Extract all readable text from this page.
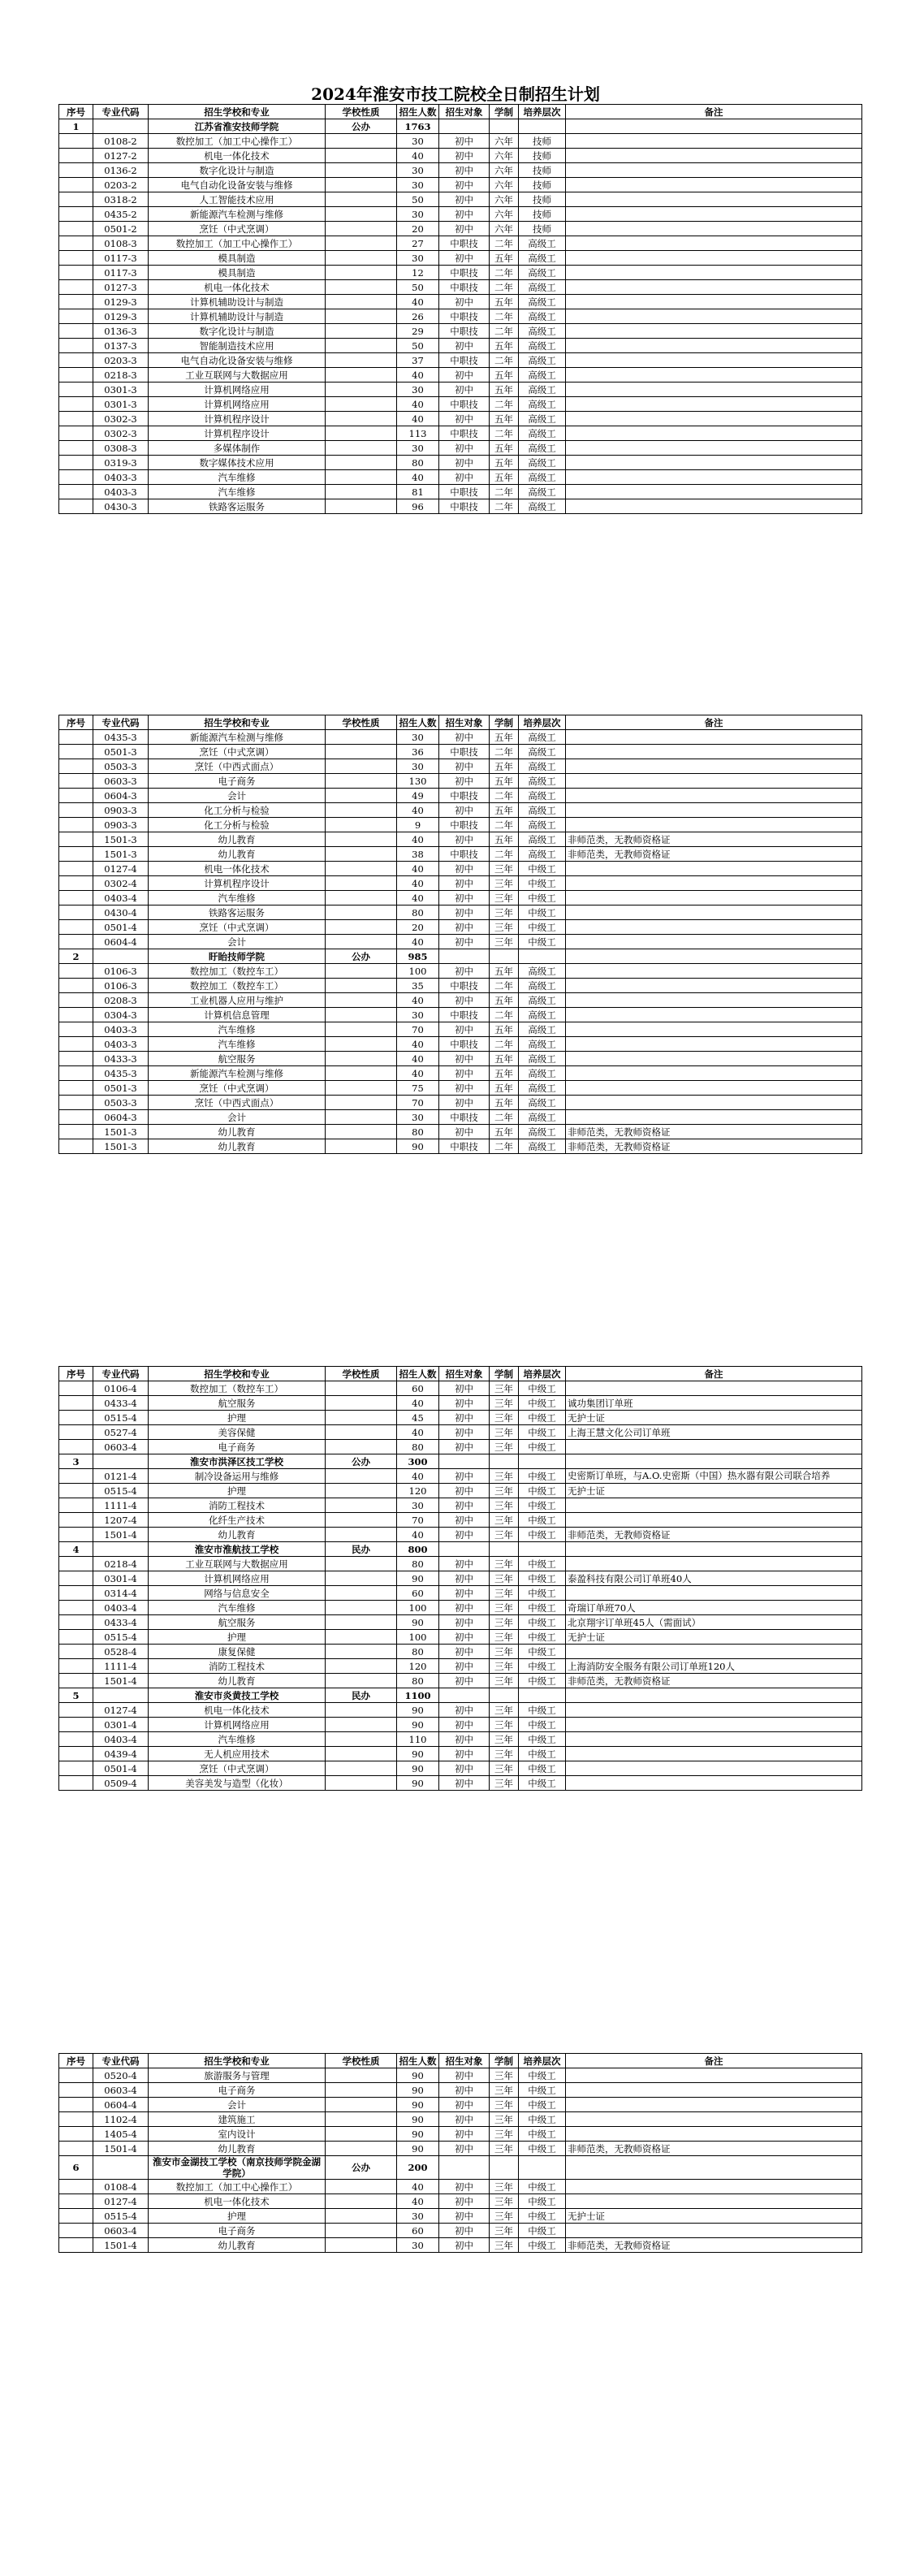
2024年淮安市技工院校全日制招生计划
序号	专业代码	招生学校和专业	学校性质	招生人数	招生对象	学制	培养层次	备注
1		江苏省淮安技师学院	公办	1763				
	0108-2	数控加工（加工中心操作工）		30	初中	六年	技师	
	0127-2	机电一体化技术		40	初中	六年	技师	
	0136-2	数字化设计与制造		30	初中	六年	技师	
	0203-2	电气自动化设备安装与维修		30	初中	六年	技师	
	0318-2	人工智能技术应用		50	初中	六年	技师	
	0435-2	新能源汽车检测与维修		30	初中	六年	技师	
	0501-2	烹饪（中式烹调）		20	初中	六年	技师	
	0108-3	数控加工（加工中心操作工）		27	中职技	二年	高级工	
	0117-3	模具制造		30	初中	五年	高级工	
	0117-3	模具制造		12	中职技	二年	高级工	
	0127-3	机电一体化技术		50	中职技	二年	高级工	
	0129-3	计算机辅助设计与制造		40	初中	五年	高级工	
	0129-3	计算机辅助设计与制造		26	中职技	二年	高级工	
	0136-3	数字化设计与制造		29	中职技	二年	高级工	
	0137-3	智能制造技术应用		50	初中	五年	高级工	
	0203-3	电气自动化设备安装与维修		37	中职技	二年	高级工	
	0218-3	工业互联网与大数据应用		40	初中	五年	高级工	
	0301-3	计算机网络应用		30	初中	五年	高级工	
	0301-3	计算机网络应用		40	中职技	二年	高级工	
	0302-3	计算机程序设计		40	初中	五年	高级工	
	0302-3	计算机程序设计		113	中职技	二年	高级工	
	0308-3	多媒体制作		30	初中	五年	高级工	
	0319-3	数字媒体技术应用		80	初中	五年	高级工	
	0403-3	汽车维修		40	初中	五年	高级工	
	0403-3	汽车维修		81	中职技	二年	高级工	
	0430-3	铁路客运服务		96	中职技	二年	高级工	
序号	专业代码	招生学校和专业	学校性质	招生人数	招生对象	学制	培养层次	备注
	0435-3	新能源汽车检测与维修		30	初中	五年	高级工	
	0501-3	烹饪（中式烹调）		36	中职技	二年	高级工	
	0503-3	烹饪（中西式面点）		30	初中	五年	高级工	
	0603-3	电子商务		130	初中	五年	高级工	
	0604-3	会计		49	中职技	二年	高级工	
	0903-3	化工分析与检验		40	初中	五年	高级工	
	0903-3	化工分析与检验		9	中职技	二年	高级工	
	1501-3	幼儿教育		40	初中	五年	高级工	非师范类，无教师资格证
	1501-3	幼儿教育		38	中职技	二年	高级工	非师范类，无教师资格证
	0127-4	机电一体化技术		40	初中	三年	中级工	
	0302-4	计算机程序设计		40	初中	三年	中级工	
	0403-4	汽车维修		40	初中	三年	中级工	
	0430-4	铁路客运服务		80	初中	三年	中级工	
	0501-4	烹饪（中式烹调）		20	初中	三年	中级工	
	0604-4	会计		40	初中	三年	中级工	
2		盱眙技师学院	公办	985				
	0106-3	数控加工（数控车工）		100	初中	五年	高级工	
	0106-3	数控加工（数控车工）		35	中职技	二年	高级工	
	0208-3	工业机器人应用与维护		40	初中	五年	高级工	
	0304-3	计算机信息管理		30	中职技	二年	高级工	
	0403-3	汽车维修		70	初中	五年	高级工	
	0403-3	汽车维修		40	中职技	二年	高级工	
	0433-3	航空服务		40	初中	五年	高级工	
	0435-3	新能源汽车检测与维修		40	初中	五年	高级工	
	0501-3	烹饪（中式烹调）		75	初中	五年	高级工	
	0503-3	烹饪（中西式面点）		70	初中	五年	高级工	
	0604-3	会计		30	中职技	二年	高级工	
	1501-3	幼儿教育		80	初中	五年	高级工	非师范类，无教师资格证
	1501-3	幼儿教育		90	中职技	二年	高级工	非师范类，无教师资格证
序号	专业代码	招生学校和专业	学校性质	招生人数	招生对象	学制	培养层次	备注
	0106-4	数控加工（数控车工）		60	初中	三年	中级工	
	0433-4	航空服务		40	初中	三年	中级工	诚功集团订单班
	0515-4	护理		45	初中	三年	中级工	无护士证
	0527-4	美容保健		40	初中	三年	中级工	上海王慧文化公司订单班
	0603-4	电子商务		80	初中	三年	中级工	
3		淮安市洪泽区技工学校	公办	300				
	0121-4	制冷设备运用与维修		40	初中	三年	中级工	史密斯订单班，与A.O.史密斯（中国）热水器有限公司联合培养
	0515-4	护理		120	初中	三年	中级工	无护士证
	1111-4	消防工程技术		30	初中	三年	中级工	
	1207-4	化纤生产技术		70	初中	三年	中级工	
	1501-4	幼儿教育		40	初中	三年	中级工	非师范类，无教师资格证
4		淮安市淮航技工学校	民办	800				
	0218-4	工业互联网与大数据应用		80	初中	三年	中级工	
	0301-4	计算机网络应用		90	初中	三年	中级工	泰盈科技有限公司订单班40人
	0314-4	网络与信息安全		60	初中	三年	中级工	
	0403-4	汽车维修		100	初中	三年	中级工	奇瑞订单班70人
	0433-4	航空服务		90	初中	三年	中级工	北京翔宇订单班45人（需面试）
	0515-4	护理		100	初中	三年	中级工	无护士证
	0528-4	康复保健		80	初中	三年	中级工	
	1111-4	消防工程技术		120	初中	三年	中级工	上海消防安全服务有限公司订单班120人
	1501-4	幼儿教育		80	初中	三年	中级工	非师范类，无教师资格证
5		淮安市炎黄技工学校	民办	1100				
	0127-4	机电一体化技术		90	初中	三年	中级工	
	0301-4	计算机网络应用		90	初中	三年	中级工	
	0403-4	汽车维修		110	初中	三年	中级工	
	0439-4	无人机应用技术		90	初中	三年	中级工	
	0501-4	烹饪（中式烹调）		90	初中	三年	中级工	
	0509-4	美容美发与造型（化妆）		90	初中	三年	中级工	
序号	专业代码	招生学校和专业	学校性质	招生人数	招生对象	学制	培养层次	备注
	0520-4	旅游服务与管理		90	初中	三年	中级工	
	0603-4	电子商务		90	初中	三年	中级工	
	0604-4	会计		90	初中	三年	中级工	
	1102-4	建筑施工		90	初中	三年	中级工	
	1405-4	室内设计		90	初中	三年	中级工	
	1501-4	幼儿教育		90	初中	三年	中级工	非师范类，无教师资格证
6		淮安市金湖技工学校（南京技师学院金湖学院）	公办	200				
	0108-4	数控加工（加工中心操作工）		40	初中	三年	中级工	
	0127-4	机电一体化技术		40	初中	三年	中级工	
	0515-4	护理		30	初中	三年	中级工	无护士证
	0603-4	电子商务		60	初中	三年	中级工	
	1501-4	幼儿教育		30	初中	三年	中级工	非师范类，无教师资格证
